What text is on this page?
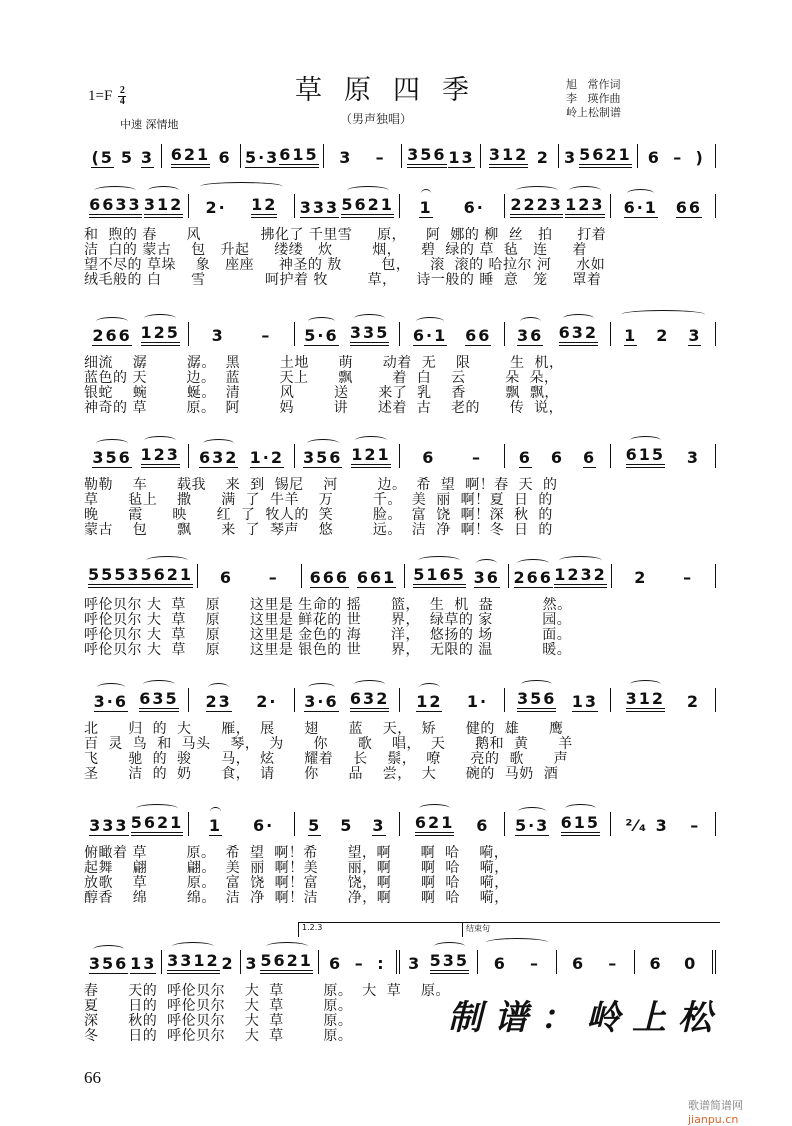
$1=F \frac{2}{4}$	草原四季
（男声独唱）
中速 深情地
旭   常作词
李   瑛作曲
岭上松制谱
(5 5 3 621 6 5·3 615 3 – 356 13 312 2 3 5621 6 – )
6633 312 2· 12 333 5621 1 6· 2223 123 6·1 66
和  煦的 春      风            拂化了 千里雪     原，    阿  娜的 柳  丝   拍     打着
洁  白的 蒙古    包   升起     缕缕   炊        烟，    碧  绿的 草  毡   连     着
望不尽的 草垛    象   座座     神圣的 敖        包，    滚  滚的 哈拉尔 河     水如
绒毛般的 白      雪            呵护着 牧        草，    诗一般的 睡  意   笼     罩着
266 125 3 – 5·6 335 6·1 66 36 632 1 2 3
细流    潺        潺。  黑        土地      萌      动着  无    限        生  机，
蓝色的 天        边。  蓝        天上      飘        着  白    云        朵  朵，
银蛇    蜿        蜒。  清        风        送      来了  乳    香        飘  飘，
神奇的 草        原。  阿        妈        讲      述着  古    老的      传  说，
356 123 632 1·2 356 121 6 – 6 6 6 615 3
勒勒    车      载我    来  到  锡尼    河        边。  希  望  啊！春  天  的
草      毡上    撒      满  了  牛羊    万        千。  美  丽  啊！夏  日  的
晚      霞      映      红  了  牧人的  笑        脸。  富  饶  啊！深  秋  的
蒙古    包      飘      来  了  琴声    悠        远。  洁  净  啊！冬  日  的
5553 5621 6 – 666 661 5165 36 266 1232 2 –
呼伦贝尔 大  草    原      这里是 生命的 摇      篮，  生  机  盎          然。
呼伦贝尔 大  草    原      这里是 鲜花的 世      界，  绿草的 家          园。
呼伦贝尔 大  草    原      这里是 金色的 海      洋，  悠扬的 场          面。
呼伦贝尔 大  草    原      这里是 银色的 世      界，  无限的 温          暖。
3·6 635 23 2· 3·6 632 12 1· 356 13 312 2
北      归  的  大      雁，  展      翅      蓝    天，  矫      健的  雄      鹰
百  灵  鸟  和  马头    琴，  为      你      歌    唱，  天      鹅和  黄      羊
飞      驰  的  骏      马，  炫      耀着    长    鬃，  嘹      亮的  歌      声
圣      洁  的  奶      食，  请      你      品    尝，  大      碗的  马奶  酒
333 5621 1 6· 5 5 3 621 6 5·3 615 ²⁄₄ 3 –
俯瞰着 草        原。  希  望  啊！希      望，啊      啊  哈    嗬，
起舞    翩        翩。  美  丽  啊！美      丽，啊      啊  哈    嗬，
放歌    草        原。  富  饶  啊！富      饶，啊      啊  哈    嗬，
醇香    绵        绵。  洁  净  啊！洁      净，啊      啊  哈    嗬，
1.2.3	结束句
356 13 3312 2 3 5621 6 – : 3 535 6 – 6 – 6 0
春      天的  呼伦贝尔    大  草        原。  大  草    原。
夏      日的  呼伦贝尔    大  草        原。
深      秋的  呼伦贝尔    大  草        原。
冬      日的  呼伦贝尔    大  草        原。	制谱：岭上松
66
歌谱简谱网 jianpu.cn
